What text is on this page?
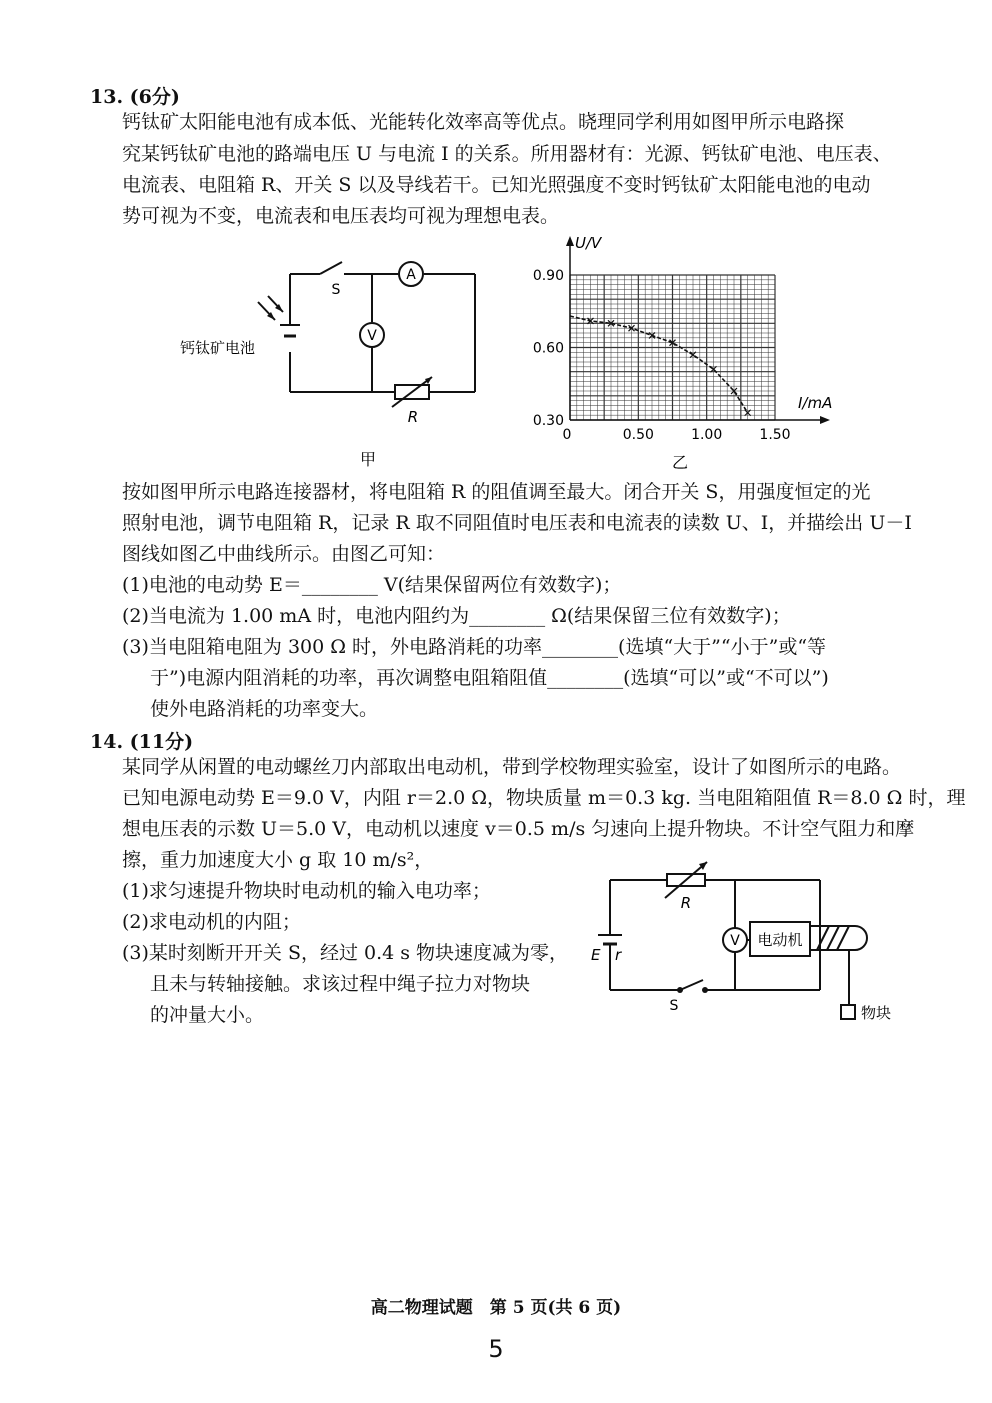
13. (6分)
钙钛矿太阳能电池有成本低、光能转化效率高等优点。晓理同学利用如图甲所示电路探
究某钙钛矿电池的路端电压 U 与电流 I 的关系。所用器材有：光源、钙钛矿电池、电压表、
电流表、电阻箱 R、开关 S 以及导线若干。已知光照强度不变时钙钛矿太阳能电池的电动
势可视为不变，电流表和电压表均可视为理想电表。
A
V
S
R
钙钛矿电池
甲
0	0.50	1.00	1.50
0.30
0.60
0.90
U/V
I/mA
乙
按如图甲所示电路连接器材，将电阻箱 R 的阻值调至最大。闭合开关 S，用强度恒定的光
照射电池，调节电阻箱 R，记录 R 取不同阻值时电压表和电流表的读数 U、I，并描绘出 U－I
图线如图乙中曲线所示。由图乙可知：
(1)电池的电动势 E＝________ V(结果保留两位有效数字)；
(2)当电流为 1.00 mA 时，电池内阻约为________ Ω(结果保留三位有效数字)；
(3)当电阻箱电阻为 300 Ω 时，外电路消耗的功率________(选填“大于”“小于”或“等
于”)电源内阻消耗的功率，再次调整电阻箱阻值________(选填“可以”或“不可以”)
使外电路消耗的功率变大。
14. (11分)
某同学从闲置的电动螺丝刀内部取出电动机，带到学校物理实验室，设计了如图所示的电路。
已知电源电动势 E＝9.0 V，内阻 r＝2.0 Ω，物块质量 m＝0.3 kg. 当电阻箱阻值 R＝8.0 Ω 时，理
想电压表的示数 U＝5.0 V，电动机以速度 v＝0.5 m/s 匀速向上提升物块。不计空气阻力和摩
擦，重力加速度大小 g 取 10 m/s²，
(1)求匀速提升物块时电动机的输入电功率；
(2)求电动机的内阻；
(3)某时刻断开开关 S，经过 0.4 s 物块速度减为零，
且未与转轴接触。求该过程中绳子拉力对物块
的冲量大小。
R
E r
V 电动机
S	物块
高二物理试题　第 5 页(共 6 页)
5
